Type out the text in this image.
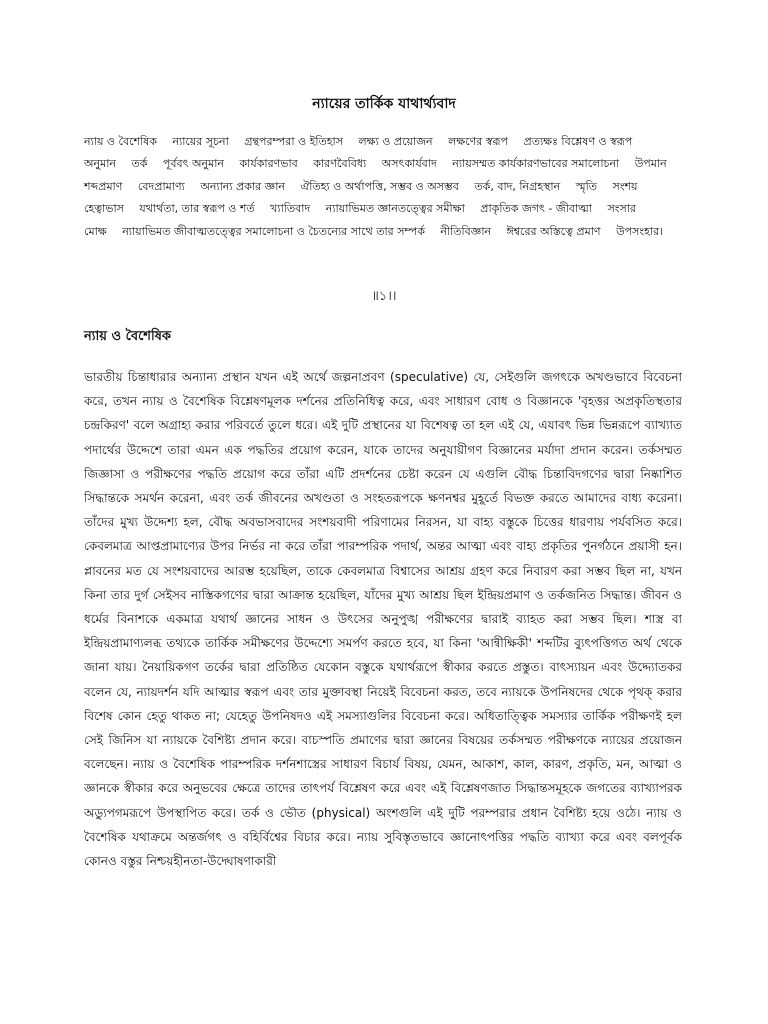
ন্যায়ের তার্কিক যাথার্থ্যবাদ
ন্যায় ও বৈশেষিক ন্যায়ের সূচনা গ্রন্থপরম্পরা ও ইতিহাস লক্ষ্য ও প্রয়োজন লক্ষণের স্বরূপ প্রত্যক্ষঃ বিশ্লেষণ ও স্বরূপ অনুমান তর্ক পূর্ববৎ অনুমান কার্যকারণভাব কারণবৈবিধ্য অসৎকার্যবাদ ন্যায়সম্মত কার্যকারণভাবের সমালোচনা উপমান শব্দপ্রমাণ বেদপ্রামাণ্য অন্যান্য প্রকার জ্ঞান ঐতিহ্য ও অর্থাপত্তি, সম্ভব ও অসম্ভব তর্ক, বাদ, নিগ্রহস্থান স্মৃতি সংশয় হেত্বাভাস যথার্থতা, তার স্বরূপ ও শর্ত খ্যাতিবাদ ন্যায়াভিমত জ্ঞানতত্ত্বের সমীক্ষা প্রাকৃতিক জগৎ - জীবাত্মা সংসার মোক্ষ ন্যায়াভিমত জীবাত্মতত্ত্বের সমালোচনা ও চৈতন্যের সাথে তার সম্পর্ক নীতিবিজ্ঞান ঈশ্বরের অস্তিত্বে প্রমাণ উপসংহার।
॥১।।
ন্যায় ও বৈশেষিক
ভারতীয় চিন্তাধারার অন্যান্য প্রস্থান যখন এই অর্থে জল্পনাপ্রবণ (speculative) যে, সেইগুলি জগৎকে অখণ্ডভাবে বিবেচনা করে, তখন ন্যায় ও বৈশেষিক বিশ্লেষণমূলক দর্শনের প্রতিনিধিত্ব করে, এবং সাধারণ বোধ ও বিজ্ঞানকে 'বৃহত্তর অপ্রকৃতিস্থতার চন্দ্রকিরণ' বলে অগ্রাহ্য করার পরিবর্তে তুলে ধরে। এই দুটি প্রস্থানের যা বিশেষত্ব তা হল এই যে, এযাবৎ ভিন্ন ভিন্নরূপে ব্যাখ্যাত পদার্থের উদ্দেশে তারা এমন এক পদ্ধতির প্রয়োগ করেন, যাকে তাদের অনুযায়ীগণ বিজ্ঞানের মর্যাদা প্রদান করেন। তর্কসম্মত জিজ্ঞাসা ও পরীক্ষণের পদ্ধতি প্রয়োগ করে তাঁরা এটি প্রদর্শনের চেষ্টা করেন যে এগুলি বৌদ্ধ চিন্তাবিদগণের দ্বারা নিষ্কাশিত সিদ্ধান্তকে সমর্থন করেনা, এবং তর্ক জীবনের অখণ্ডতা ও সংহতরূপকে ক্ষণনশ্বর মুহূর্তে বিভক্ত করতে আমাদের বাধ্য করেনা। তাঁদের মুখ্য উদ্দেশ্য হল, বৌদ্ধ অবভাসবাদের সংশয়বাদী পরিণামের নিরসন, যা বাহ্য বস্তুকে চিত্তের ধারণায় পর্যবসিত করে। কেবলমাত্র আপ্তপ্রামাণ্যের উপর নির্ভর না করে তাঁরা পারম্পরিক পদার্থ, অন্তর আত্মা এবং বাহ্য প্রকৃতির পুনর্গঠনে প্রয়াসী হন। প্লাবনের মত যে সংশয়বাদের আরম্ভ হয়েছিল, তাকে কেবলমাত্র বিশ্বাসের আশ্রয় গ্রহণ করে নিবারণ করা সম্ভব ছিল না, যখন কিনা তার দুর্গ সেইসব নাস্তিকগণের দ্বারা আক্রান্ত হয়েছিল, যাঁদের মুখ্য আশ্রয় ছিল ইন্দ্রিয়প্রমাণ ও তর্কজনিত সিদ্ধান্ত। জীবন ও ধর্মের বিনাশকে একমাত্র যথার্থ জ্ঞানের সাধন ও উৎসের অনুপুঙ্খ পরীক্ষণের দ্বারাই ব্যাহত করা সম্ভব ছিল। শাস্ত্র বা ইন্দ্রিয়প্রামাণ্যলব্ধ তথ্যকে তার্কিক সমীক্ষণের উদ্দেশ্যে সমর্পণ করতে হবে, যা কিনা 'আন্বীক্ষিকী' শব্দটির ব্যুৎপত্তিগত অর্থ থেকে জানা যায়। নৈয়ায়িকগণ তর্কের দ্বারা প্রতিষ্ঠিত যেকোন বস্তুকে যথার্থরূপে স্বীকার করতে প্রস্তুত। বাৎস্যায়ন এবং উদ্দ্যোতকর বলেন যে, ন্যায়দর্শন যদি আত্মার স্বরূপ এবং তার মুক্তাবস্থা নিয়েই বিবেচনা করত, তবে ন্যায়কে উপনিষদের থেকে পৃথক্ করার বিশেষ কোন হেতু থাকত না; যেহেতু উপনিষদও এই সমস্যাগুলির বিবেচনা করে। অধিতাত্ত্বিক সমস্যার তার্কিক পরীক্ষণই হল সেই জিনিস যা ন্যায়কে বৈশিষ্ট্য প্রদান করে। বাচস্পতি প্রমাণের দ্বারা জ্ঞানের বিষয়ের তর্কসম্মত পরীক্ষণকে ন্যায়ের প্রয়োজন বলেছেন। ন্যায় ও বৈশেষিক পারম্পরিক দর্শনশাস্ত্রের সাধারণ বিচার্য বিষয়, যেমন, আকাশ, কাল, কারণ, প্রকৃতি, মন, আত্মা ও জ্ঞানকে স্বীকার করে অনুভবের ক্ষেত্রে তাদের তাৎপর্য বিশ্লেষণ করে এবং এই বিশ্লেষণজাত সিদ্ধান্তসমূহকে জগতের ব্যাখ্যাপরক অড্যুপগমরূপে উপস্থাপিত করে। তর্ক ও ভৌত (physical) অংশগুলি এই দুটি পরম্পরার প্রধান বৈশিষ্ট্য হয়ে ওঠে। ন্যায় ও বৈশেষিক যথাক্রমে অন্তর্জগৎ ও বহির্বিশ্বের বিচার করে। ন্যায় সুবিস্তৃতভাবে জ্ঞানোৎপত্তির পদ্ধতি ব্যাখ্যা করে এবং বলপূর্বক কোনও বস্তুর নিশ্চয়হীনতা-উদ্ঘোষণাকারী
